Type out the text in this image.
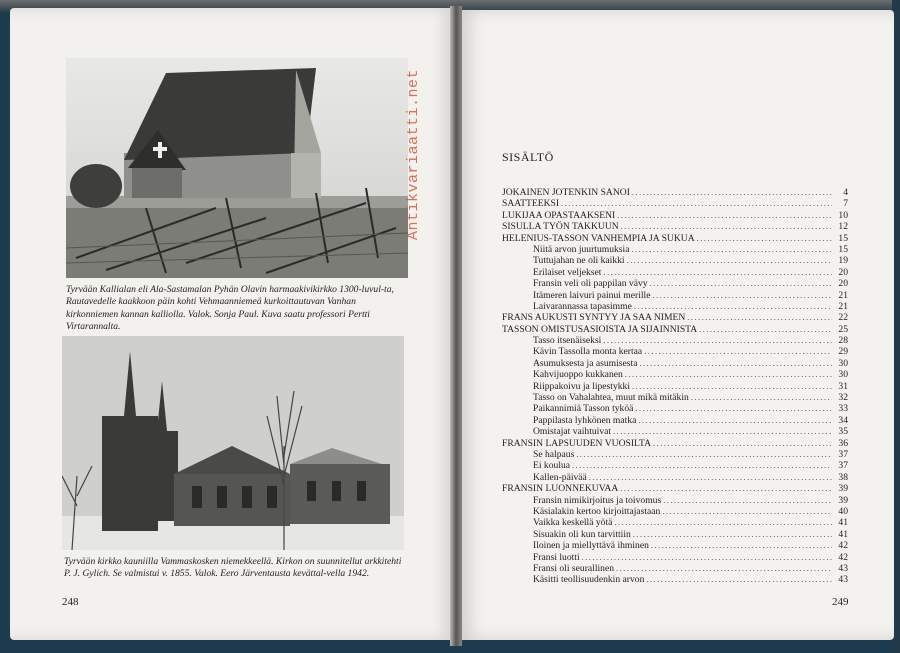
Tyrvään Kallialan eli Ala-Sastamalan Pyhän Olavin harmaakivikirkko 1300-luvul-ta, Rautavedelle kaakkoon päin kohti Vehmaanniemeä kurkoittautuvan Vanhan kirkonniemen kannan kalliolla. Valok. Sonja Paul. Kuva saatu professori Pertti Virtarannalta.
Tyrvään kirkko kauniilla Vammaskosken niemekkeellä. Kirkon on suunnitellut arkkitehti P. J. Gylich. Se valmistui v. 1855. Valok. Eero Järventausta kevättal-vella 1942.
248
Antikvariaatti.net	SISÄLTÖ
JOKAINEN JOTENKIN SANOI .....	4
SAATTEEKSI .....	7
LUKIJAA OPASTAAKSENI .....	10
SISULLA TYÖN TAKKUUN .....	12
HELENIUS-TASSON VANHEMPIA JA SUKUA .....	15
Niitä arvon juurtumuksia .....	15
Tuttujahan ne oli kaikki .....	19
Erilaiset veljekset .....	20
Fransin veli oli pappilan vävy .....	20
Itämeren laivuri painui merille .....	21
Laivarannassa tapasimme .....	21
FRANS AUKUSTI SYNTYY JA SAA NIMEN .....	22
TASSON OMISTUSASIOISTA JA SIJAINNISTA .....	25
Tasso itsenäiseksi .....	28
Kävin Tassolla monta kertaa .....	29
Asumuksesta ja asumisesta .....	30
Kahvijuoppo kukkanen .....	30
Riippakoivu ja lipestykki .....	31
Tasso on Vahalahtea, muut mikä mitäkin .....	32
Paikannimiä Tasson tyköä .....	33
Pappilasta lyhkönen matka .....	34
Omistajat vaihtuivat .....	35
FRANSIN LAPSUUDEN VUOSILTA .....	36
Se halpaus .....	37
Ei koulua .....	37
Kallen-päivää .....	38
FRANSIN LUONNEKUVAA .....	39
Fransin nimikirjoitus ja toivomus .....	39
Käsialakin kertoo kirjoittajastaan .....	40
Vaikka keskellä yötä .....	41
Sisuakin oli kun tarvittiin .....	41
Iloinen ja miellyttävä ihminen .....	42
Fransi luotti .....	42
Fransi oli seurallinen .....	43
Käsitti teollisuudenkin arvon .....	43
249
